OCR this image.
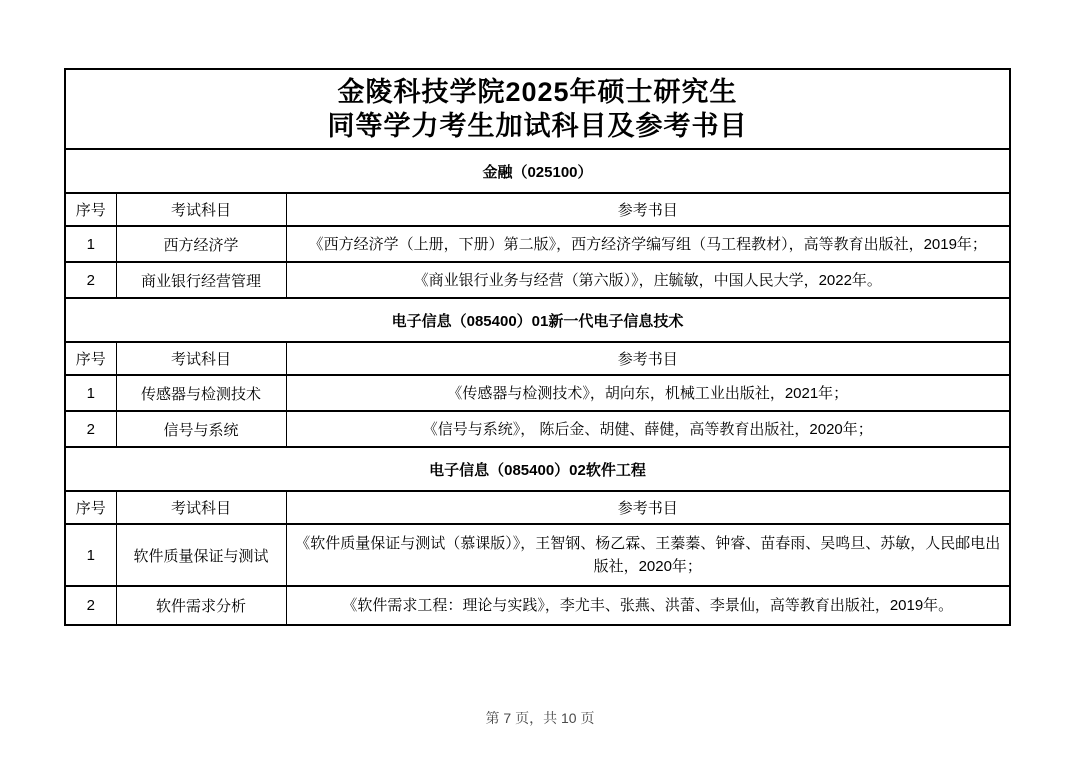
金陵科技学院2025年硕士研究生
同等学力考生加试科目及参考书目		

金融（025100）		
序号	考试科目	参考书目
1	西方经济学	《西方经济学（上册，下册）第二版》，西方经济学编写组（马工程教材），高等教育出版社，2019年；
2	商业银行经营管理	《商业银行业务与经营（第六版）》，庄毓敏，中国人民大学，2022年。
电子信息（085400）01新一代电子信息技术		
序号	考试科目	参考书目
1	传感器与检测技术	《传感器与检测技术》，胡向东，机械工业出版社，2021年；
2	信号与系统	《信号与系统》， 陈后金、胡健、薛健，高等教育出版社，2020年；
电子信息（085400）02软件工程		
序号	考试科目	参考书目
1	软件质量保证与测试	《软件质量保证与测试（慕课版）》，王智钢、杨乙霖、王蓁蓁、钟睿、苗春雨、吴鸣旦、苏敏，人民邮电出版社，2020年；
2	软件需求分析	《软件需求工程：理论与实践》，李尤丰、张燕、洪蕾、李景仙，高等教育出版社，2019年。
第 7 页，共 10 页
